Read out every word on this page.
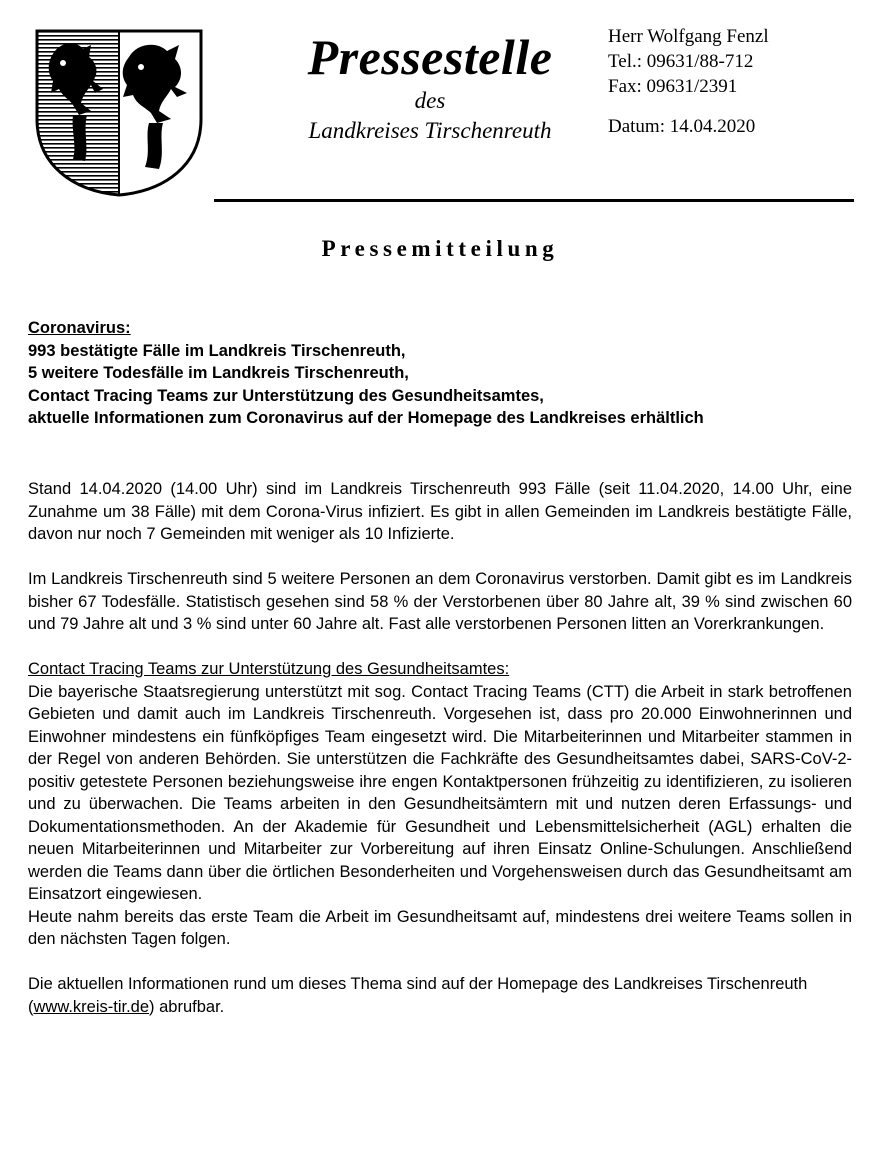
Pressestelle
des
Landkreises Tirschenreuth
Herr Wolfgang Fenzl
Tel.: 09631/88-712
Fax: 09631/2391
Datum: 14.04.2020
Pressemitteilung
Coronavirus:
993 bestätigte Fälle im Landkreis Tirschenreuth,
5 weitere Todesfälle im Landkreis Tirschenreuth,
Contact Tracing Teams zur Unterstützung des Gesundheitsamtes,
aktuelle Informationen zum Coronavirus auf der Homepage des Landkreises erhältlich

Stand 14.04.2020 (14.00 Uhr) sind im Landkreis Tirschenreuth 993 Fälle (seit 11.04.2020, 14.00 Uhr, eine Zunahme um 38 Fälle) mit dem Corona-Virus infiziert. Es gibt in allen Gemeinden im Landkreis bestätigte Fälle, davon nur noch 7 Gemeinden mit weniger als 10 Infizierte.

Im Landkreis Tirschenreuth sind 5 weitere Personen an dem Coronavirus verstorben. Damit gibt es im Landkreis bisher 67 Todesfälle. Statistisch gesehen sind 58 % der Verstorbenen über 80 Jahre alt, 39 % sind zwischen 60 und 79 Jahre alt und 3 % sind unter 60 Jahre alt. Fast alle verstorbenen Personen litten an Vorerkrankungen.

Contact Tracing Teams zur Unterstützung des Gesundheitsamtes:

Die bayerische Staatsregierung unterstützt mit sog. Contact Tracing Teams (CTT) die Arbeit in stark betroffenen Gebieten und damit auch im Landkreis Tirschenreuth. Vorgesehen ist, dass pro 20.000 Einwohnerinnen und Einwohner mindestens ein fünfköpfiges Team eingesetzt wird. Die Mitarbeiterinnen und Mitarbeiter stammen in der Regel von anderen Behörden. Sie unterstützen die Fachkräfte des Gesundheitsamtes dabei, SARS-CoV-2-positiv getestete Personen beziehungsweise ihre engen Kontaktpersonen frühzeitig zu identifizieren, zu isolieren und zu überwachen. Die Teams arbeiten in den Gesundheitsämtern mit und nutzen deren Erfassungs- und Dokumentationsmethoden. An der Akademie für Gesundheit und Lebensmittelsicherheit (AGL) erhalten die neuen Mitarbeiterinnen und Mitarbeiter zur Vorbereitung auf ihren Einsatz Online-Schulungen. Anschließend werden die Teams dann über die örtlichen Besonderheiten und Vorgehensweisen durch das Gesundheitsamt am Einsatzort eingewiesen.

Heute nahm bereits das erste Team die Arbeit im Gesundheitsamt auf, mindestens drei weitere Teams sollen in den nächsten Tagen folgen.

Die aktuellen Informationen rund um dieses Thema sind auf der Homepage des Landkreises Tirschenreuth (www.kreis-tir.de) abrufbar.
